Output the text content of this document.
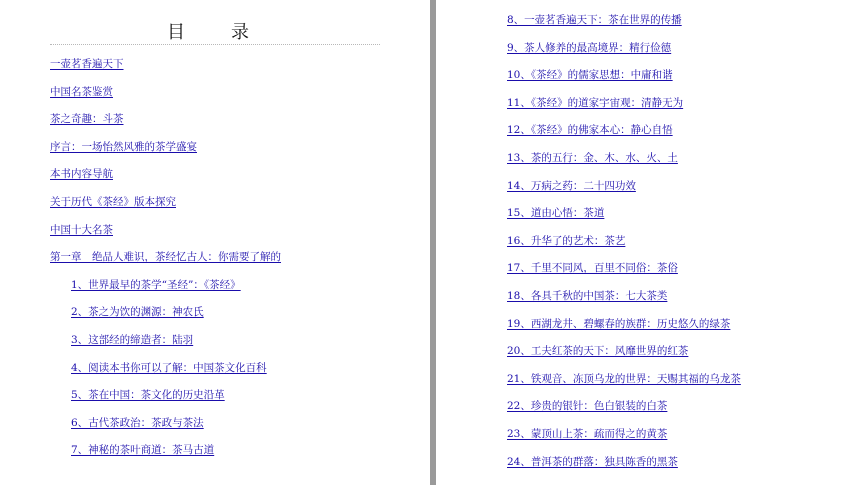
目　录
一壶茗香遍天下
中国名茶鉴赏
茶之奇趣：斗茶
序言：一场怡然风雅的茶学盛宴
本书内容导航
关于历代《茶经》版本探究
中国十大名茶
第一章　绝品人难识，茶经忆古人：你需要了解的
1、世界最早的茶学“圣经”：《茶经》
2、茶之为饮的渊源：神农氏
3、这部经的缔造者：陆羽
4、阅读本书你可以了解：中国茶文化百科
5、茶在中国：茶文化的历史沿革
6、古代茶政治：茶政与茶法
7、神秘的茶叶商道：茶马古道
8、一壶茗香遍天下：茶在世界的传播
9、茶人修养的最高境界：精行俭德
10、《茶经》的儒家思想：中庸和谐
11、《茶经》的道家宇宙观：清静无为
12、《茶经》的佛家本心：静心自悟
13、茶的五行：金、木、水、火、土
14、万病之药：二十四功效
15、道由心悟：茶道
16、升华了的艺术：茶艺
17、千里不同风，百里不同俗：茶俗
18、各具千秋的中国茶：七大茶类
19、西湖龙井、碧螺春的族群：历史悠久的绿茶
20、工夫红茶的天下：风靡世界的红茶
21、铁观音、冻顶乌龙的世界：天赐其福的乌龙茶
22、珍贵的银针：色白银装的白茶
23、蒙顶山上茶：疏而得之的黄茶
24、普洱茶的群落：独具陈香的黑茶
